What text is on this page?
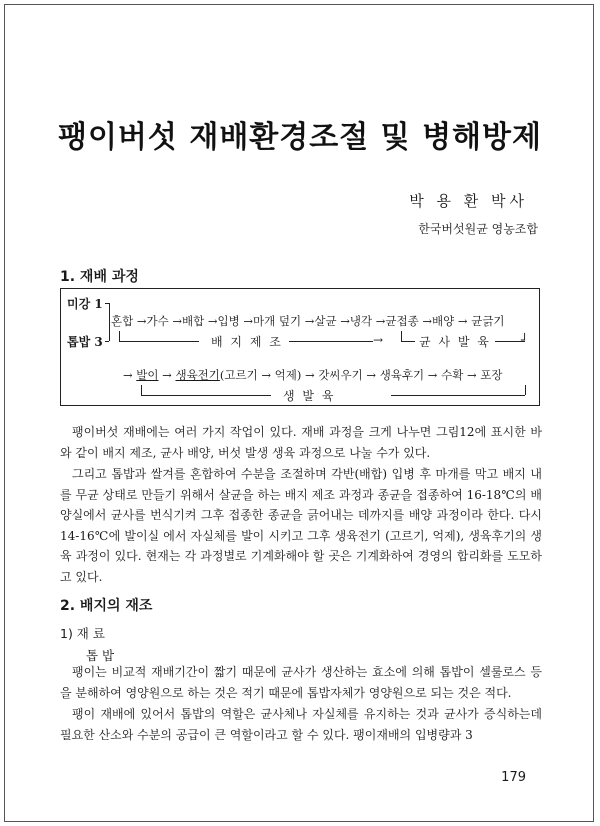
팽이버섯 재배환경조절 및 병해방제
박 용 환 박사
한국버섯원균 영농조합
1. 재배 과정
미강 1
톱밥 3
혼합 →가수 →배합 →입병 →마개 덮기 →살균 →냉각 →균접종 →배양 → 균긁기
배 지 제 조	→	균 사 발 육	┘
→ 발이 → 생육전기(고르기 → 억제) → 갓씨우기 → 생육후기 → 수확 → 포장
생 발 육
팽이버섯 재배에는 여러 가지 작업이 있다. 재배 과정을 크게 나누면 그림12에 표시한 바와 같이 배지 제조, 균사 배양, 버섯 발생 생육 과정으로 나눌 수가 있다.
그리고 톱밥과 쌀겨를 혼합하여 수분을 조절하며 각반(배합) 입병 후 마개를 막고 배지 내를 무균 상태로 만들기 위해서 살균을 하는 배지 제조 과정과 종균을 접종하여 16-18℃의 배양실에서 균사를 번식기켜 그후 접종한 종균을 긁어내는 데까지를 배양 과정이라 한다. 다시 14-16℃에 발이실 에서 자실체를 발이 시키고 그후 생육전기 (고르기, 억제), 생육후기의 생육 과정이 있다. 현재는 각 과정별로 기계화해야 할 곳은 기계화하여 경영의 합리화를 도모하고 있다.
2. 배지의 재조
1) 재 료
톱 밥
팽이는 비교적 재배기간이 짧기 때문에 균사가 생산하는 효소에 의해 톱밥이 셀룰로스 등 을 분해하여 영양원으로 하는 것은 적기 때문에 톱밥자체가 영양원으로 되는 것은 적다.
팽이 재배에 있어서 톱밥의 역할은 균사체나 자실체를 유지하는 것과 균사가 증식하는데 필요한 산소와 수분의 공급이 큰 역할이라고 할 수 있다. 팽이재배의 입병량과 3
179
